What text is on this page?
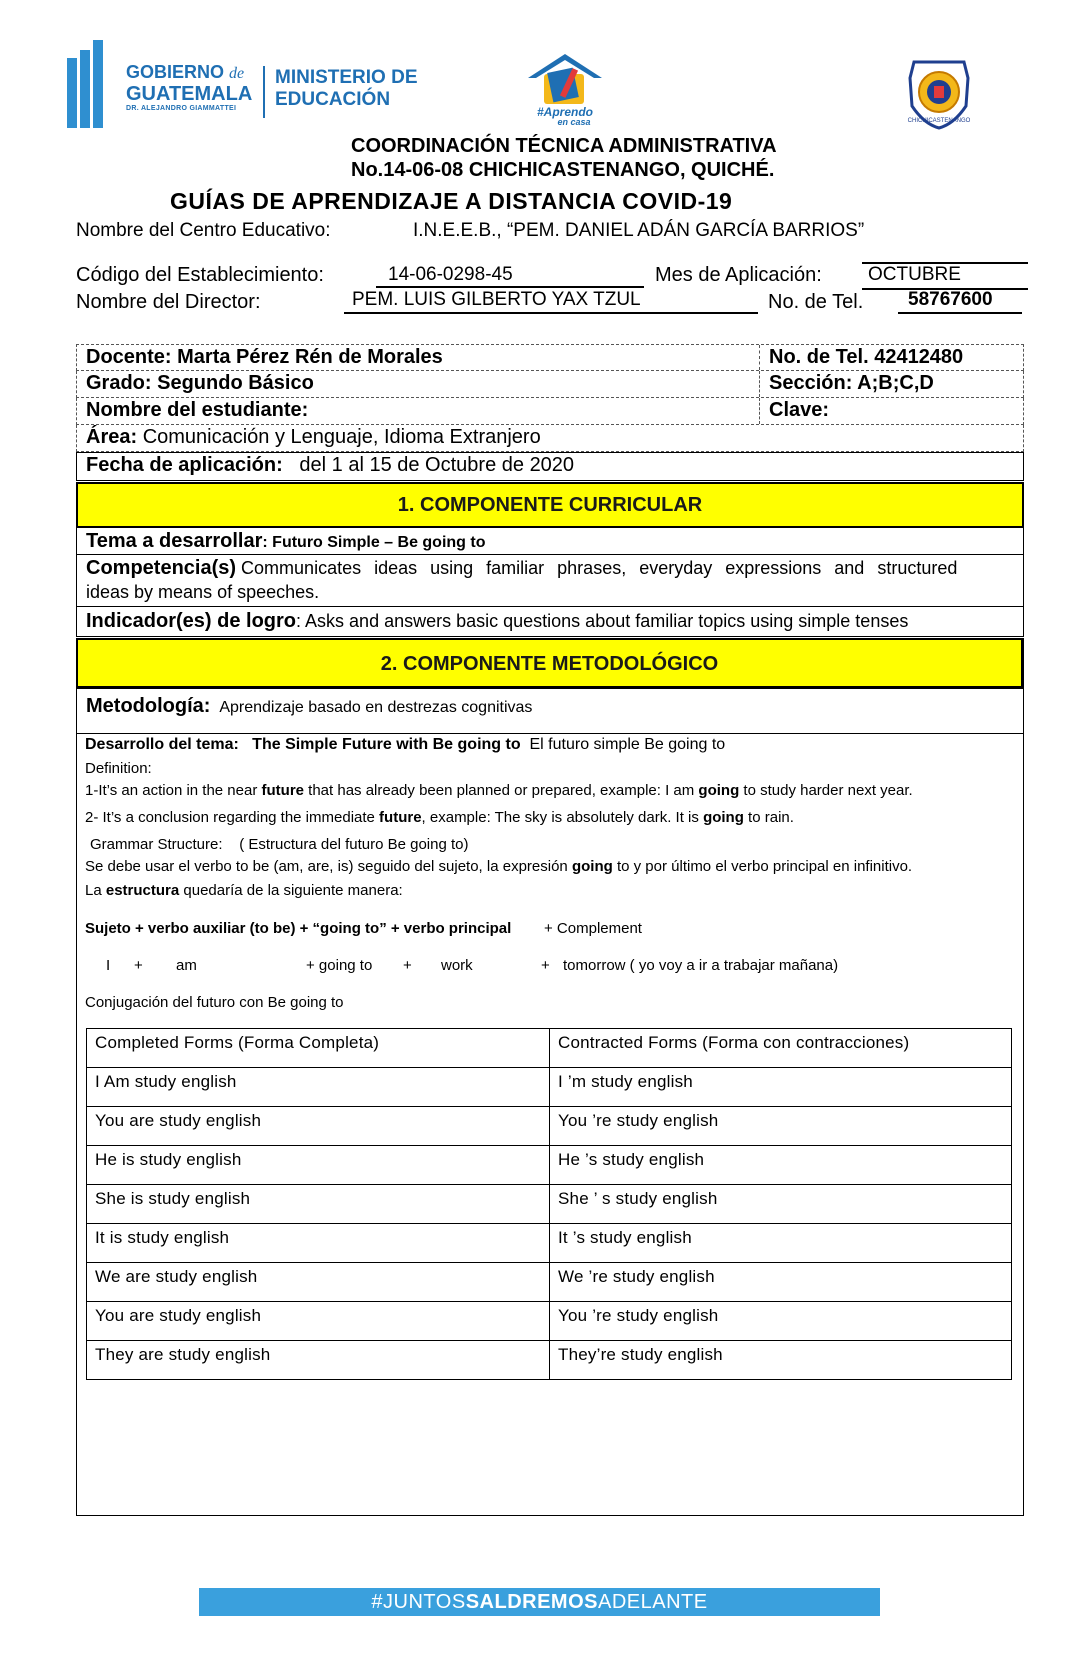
GOBIERNO de
GUATEMALA
DR. ALEJANDRO GIAMMATTEI
MINISTERIO DE
EDUCACIÓN
#Aprendo
en casa	CHICHICASTENANGO
COORDINACIÓN TÉCNICA ADMINISTRATIVA
No.14-06-08 CHICHICASTENANGO, QUICHÉ.
GUÍAS DE APRENDIZAJE A DISTANCIA COVID-19
Nombre del Centro Educativo:	I.N.E.E.B., “PEM. DANIEL ADÁN GARCÍA BARRIOS”
Código del Establecimiento:	14-06-0298-45	Mes de Aplicación:	OCTUBRE
Nombre del Director:	PEM. LUIS GILBERTO YAX TZUL	No. de Tel.	58767600
Docente: Marta Pérez Rén de Morales	No. de Tel. 42412480
Grado: Segundo Básico	Sección: A;B;C,D
Nombre del estudiante:	Clave:
Área: Comunicación y Lenguaje, Idioma Extranjero
Fecha de aplicación: del 1 al 15 de Octubre de 2020
1. COMPONENTE CURRICULAR
Tema a desarrollar: Futuro Simple – Be going to
Competencia(s) Communicates ideas using familiar phrases, everyday expressions and structured
ideas by means of speeches.
Indicador(es) de logro: Asks and answers basic questions about familiar topics using simple tenses
2. COMPONENTE METODOLÓGICO
Metodología: Aprendizaje basado en destrezas cognitivas
Desarrollo del tema: The Simple Future with Be going to El futuro simple Be going to
Definition:
1-It’s an action in the near future that has already been planned or prepared, example: I am going to study harder next year.
2- It’s a conclusion regarding the immediate future, example: The sky is absolutely dark. It is going to rain.
Grammar Structure: ( Estructura del futuro Be going to)
Se debe usar el verbo to be (am, are, is) seguido del sujeto, la expresión going to y por último el verbo principal en infinitivo.
La estructura quedaría de la siguiente manera:
Sujeto + verbo auxiliar (to be) + “going to” + verbo principal + Complement
I + am	+ going to + work	+ tomorrow ( yo voy a ir a trabajar mañana)
Conjugación del futuro con Be going to
Completed Forms (Forma Completa)	Contracted Forms (Forma con contracciones)
I Am study english	I ’m study english
You are study english	You ’re study english
He is study english	He ’s study english
She is study english	She ’ s study english
It is study english	It ’s study english
We are study english	We ’re study english
You are study english	You ’re study english
They are study english	They’re study english
#JUNTOSSALDREMOSADELANTE
